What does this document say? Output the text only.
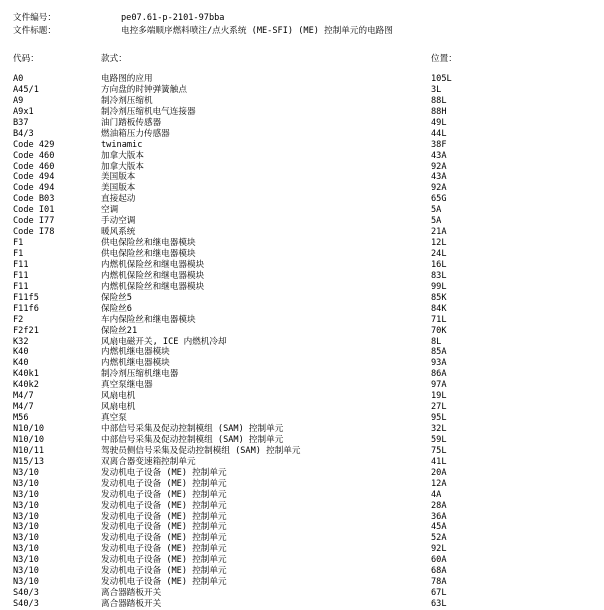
文件编号：	pe07.61-p-2101-97bba
文件标题：	电控多端顺序燃料喷注/点火系统 (ME-SFI) (ME) 控制单元的电路图
代码：	款式：	位置：
A0	电路图的应用	105L
A45/1	方向盘的时钟弹簧触点	3L
A9	制冷剂压缩机	88L
A9x1	制冷剂压缩机电气连接器	88H
B37	油门踏板传感器	49L
B4/3	燃油箱压力传感器	44L
Code 429	twinamic	38F
Code 460	加拿大版本	43A
Code 460	加拿大版本	92A
Code 494	美国版本	43A
Code 494	美国版本	92A
Code B03	直接起动	65G
Code I01	空调	5A
Code I77	手动空调	5A
Code I78	暖风系统	21A
F1	供电保险丝和继电器模块	12L
F1	供电保险丝和继电器模块	24L
F11	内燃机保险丝和继电器模块	16L
F11	内燃机保险丝和继电器模块	83L
F11	内燃机保险丝和继电器模块	99L
F11f5	保险丝5	85K
F11f6	保险丝6	84K
F2	车内保险丝和继电器模块	71L
F2f21	保险丝21	70K
K32	风扇电磁开关, ICE 内燃机冷却	8L
K40	内燃机继电器模块	85A
K40	内燃机继电器模块	93A
K40k1	制冷剂压缩机继电器	86A
K40k2	真空泵继电器	97A
M4/7	风扇电机	19L
M4/7	风扇电机	27L
M56	真空泵	95L
N10/10	中部信号采集及促动控制模组 (SAM) 控制单元	32L
N10/10	中部信号采集及促动控制模组 (SAM) 控制单元	59L
N10/11	驾驶员侧信号采集及促动控制模组 (SAM) 控制单元	75L
N15/13	双离合器变速箱控制单元	41L
N3/10	发动机电子设备 (ME) 控制单元	20A
N3/10	发动机电子设备 (ME) 控制单元	12A
N3/10	发动机电子设备 (ME) 控制单元	4A
N3/10	发动机电子设备 (ME) 控制单元	28A
N3/10	发动机电子设备 (ME) 控制单元	36A
N3/10	发动机电子设备 (ME) 控制单元	45A
N3/10	发动机电子设备 (ME) 控制单元	52A
N3/10	发动机电子设备 (ME) 控制单元	92L
N3/10	发动机电子设备 (ME) 控制单元	60A
N3/10	发动机电子设备 (ME) 控制单元	68A
N3/10	发动机电子设备 (ME) 控制单元	78A
S40/3	离合器踏板开关	67L
S40/3	离合器踏板开关	63L
